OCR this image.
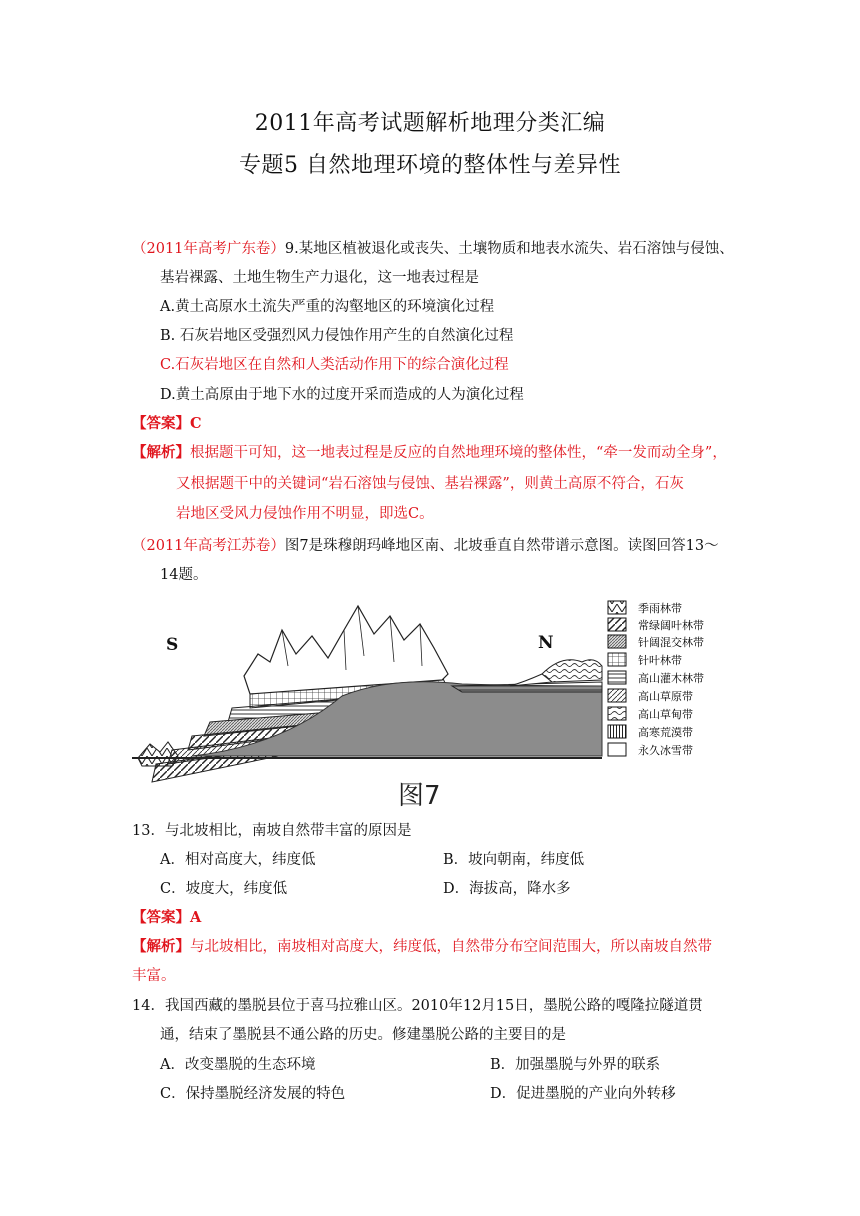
2011年高考试题解析地理分类汇编
专题5 自然地理环境的整体性与差异性
（2011年高考广东卷）9.某地区植被退化或丧失、土壤物质和地表水流失、岩石溶蚀与侵蚀、
基岩裸露、土地生物生产力退化，这一地表过程是
A.黄土高原水土流失严重的沟壑地区的环境演化过程
B. 石灰岩地区受强烈风力侵蚀作用产生的自然演化过程
C.石灰岩地区在自然和人类活动作用下的综合演化过程
D.黄土高原由于地下水的过度开采而造成的人为演化过程
【答案】C
【解析】根据题干可知，这一地表过程是反应的自然地理环境的整体性，“牵一发而动全身”，
又根据题干中的关键词“岩石溶蚀与侵蚀、基岩裸露”，则黄土高原不符合，石灰
岩地区受风力侵蚀作用不明显，即选C。
（2011年高考江苏卷）图7是珠穆朗玛峰地区南、北坡垂直自然带谱示意图。读图回答13～
14题。
S	N
季雨林带
常绿阔叶林带
针阔混交林带
针叶林带
高山灌木林带
高山草原带
高山草甸带
高寒荒漠带
永久冰雪带
图7
13．与北坡相比，南坡自然带丰富的原因是
A．相对高度大，纬度低	B．坡向朝南，纬度低
C．坡度大，纬度低	D．海拔高，降水多
【答案】A
【解析】与北坡相比，南坡相对高度大，纬度低，自然带分布空间范围大，所以南坡自然带
丰富。
14．我国西藏的墨脱县位于喜马拉雅山区。2010年12月15日，墨脱公路的嘎隆拉隧道贯
通，结束了墨脱县不通公路的历史。修建墨脱公路的主要目的是
A．改变墨脱的生态环境	B．加强墨脱与外界的联系
C．保持墨脱经济发展的特色	D．促进墨脱的产业向外转移
